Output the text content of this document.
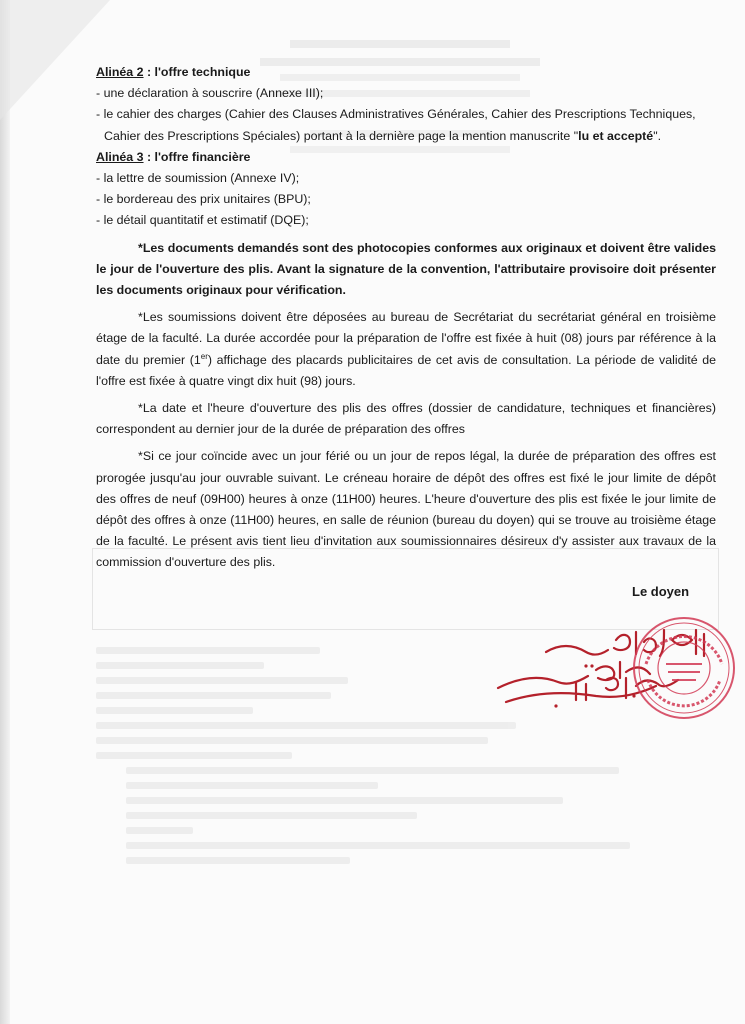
Alinéa 2 : l'offre technique
- une déclaration à souscrire (Annexe III);
- le cahier des charges (Cahier des Clauses Administratives Générales, Cahier des Prescriptions Techniques,
Cahier des Prescriptions Spéciales) portant à la dernière page la mention manuscrite "lu et accepté".
Alinéa 3 : l'offre financière
- la lettre de soumission (Annexe IV);
- le bordereau des prix unitaires (BPU);
- le détail quantitatif et estimatif (DQE);
*Les documents demandés sont des photocopies conformes aux originaux et doivent être valides le jour de l'ouverture des plis. Avant la signature de la convention, l'attributaire provisoire doit présenter les documents originaux pour vérification.
*Les soumissions doivent être déposées au bureau de Secrétariat du secrétariat général en troisième étage de la faculté. La durée accordée pour la préparation de l'offre est fixée à huit (08) jours par référence à la date du premier (1er) affichage des placards publicitaires de cet avis de consultation. La période de validité de l'offre est fixée à quatre vingt dix huit (98) jours.
*La date et l'heure d'ouverture des plis des offres (dossier de candidature, techniques et financières) correspondent au dernier jour de la durée de préparation des offres
*Si ce jour coïncide avec un jour férié ou un jour de repos légal, la durée de préparation des offres est prorogée jusqu'au jour ouvrable suivant. Le créneau horaire de dépôt des offres est fixé le jour limite de dépôt des offres de neuf (09H00) heures à onze (11H00) heures. L'heure d'ouverture des plis est fixée le jour limite de dépôt des offres à onze (11H00) heures, en salle de réunion (bureau du doyen) qui se trouve au troisième étage de la faculté. Le présent avis tient lieu d'invitation aux soumissionnaires désireux d'y assister aux travaux de la commission d'ouverture des plis.
Le doyen
.
